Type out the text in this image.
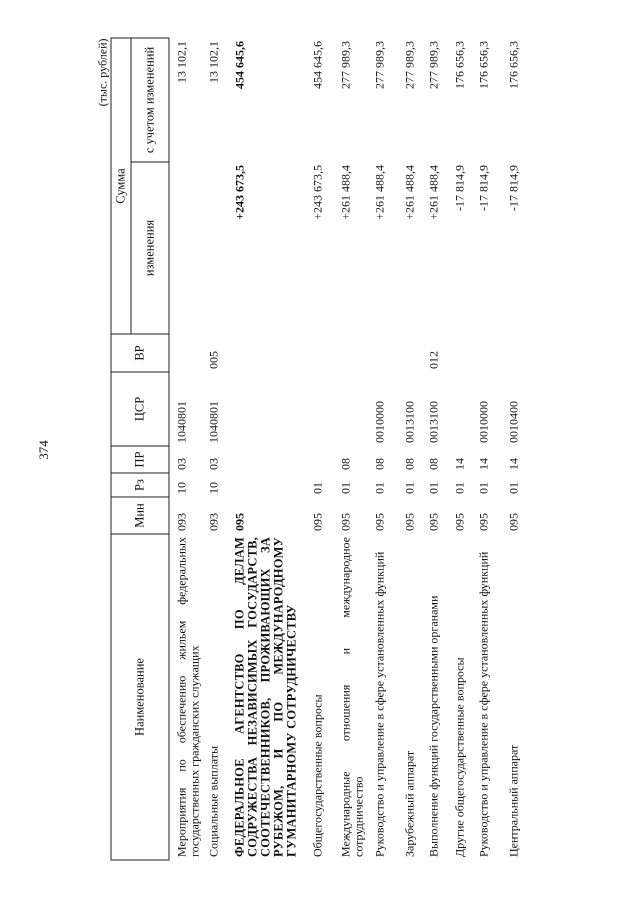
374
(тыс. рублей)
Наименование	Мин	Рз	ПР	ЦСР	ВР	Сумма	
						изменения	с учетом изменений
Мероприятия по обеспечению жильем федеральных государственных гражданских служащих	093	10	03	1040801			13 102,1
Социальные выплаты	093	10	03	1040801	005		13 102,1
ФЕДЕРАЛЬНОЕ АГЕНТСТВО ПО ДЕЛАМ СОДРУЖЕСТВА НЕЗАВИСИМЫХ ГОСУДАРСТВ, СООТЕЧЕСТВЕННИКОВ, ПРОЖИВАЮЩИХ ЗА РУБЕЖОМ, И ПО МЕЖДУНАРОДНОМУ ГУМАНИТАРНОМУ СОТРУДНИЧЕСТВУ	095					+243 673,5	454 645,6
Общегосударственные вопросы	095	01				+243 673,5	454 645,6
Международные отношения и международное сотрудничество	095	01	08			+261 488,4	277 989,3
Руководство и управление в сфере установленных функций	095	01	08	0010000		+261 488,4	277 989,3
Зарубежный аппарат	095	01	08	0013100		+261 488,4	277 989,3
Выполнение функций государственными органами	095	01	08	0013100	012	+261 488,4	277 989,3
Другие общегосударственные вопросы	095	01	14			-17 814,9	176 656,3
Руководство и управление в сфере установленных функций	095	01	14	0010000		-17 814,9	176 656,3
Центральный аппарат	095	01	14	0010400		-17 814,9	176 656,3
